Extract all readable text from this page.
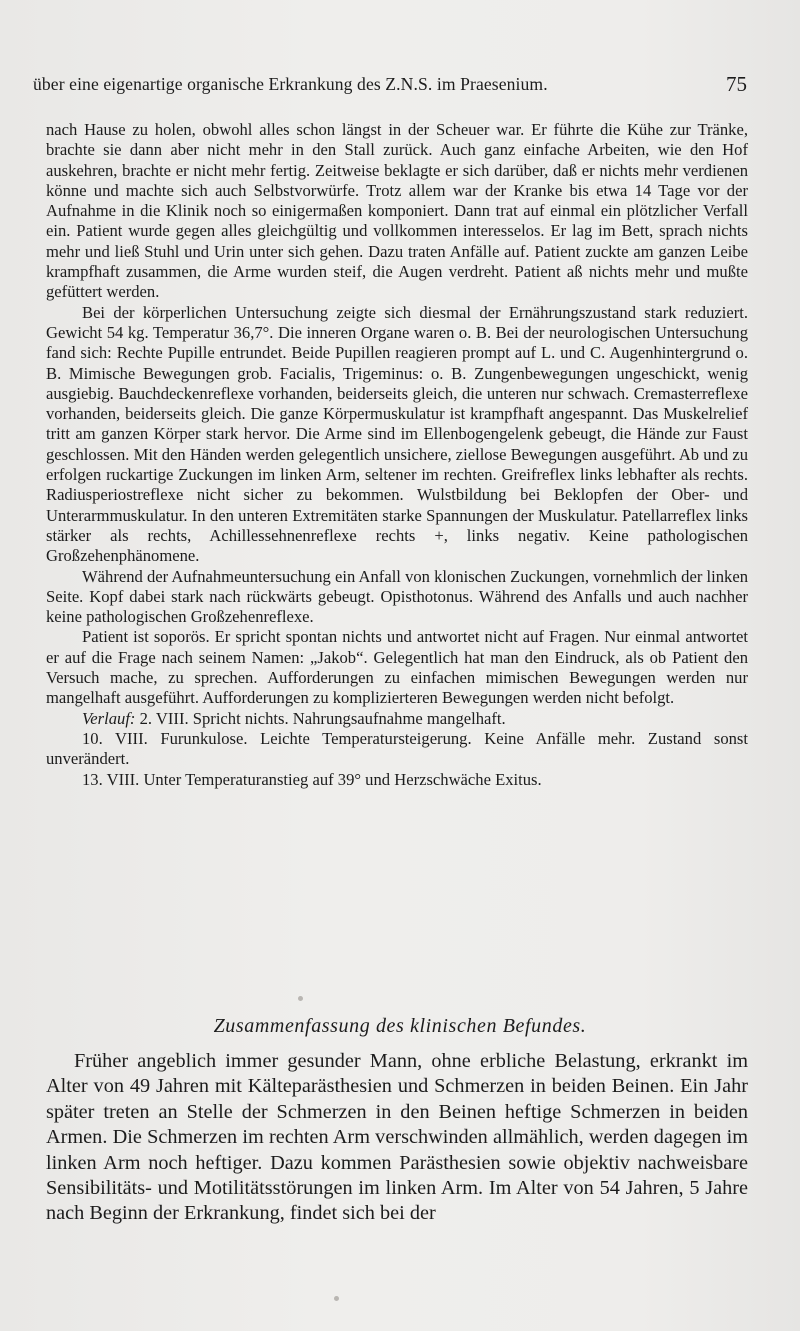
über eine eigenartige organische Erkrankung des Z.N.S. im Praesenium.	75

nach Hause zu holen, obwohl alles schon längst in der Scheuer war. Er führte die Kühe zur Tränke, brachte sie dann aber nicht mehr in den Stall zurück. Auch ganz einfache Arbeiten, wie den Hof auskehren, brachte er nicht mehr fertig. Zeitweise beklagte er sich darüber, daß er nichts mehr verdienen könne und machte sich auch Selbstvorwürfe. Trotz allem war der Kranke bis etwa 14 Tage vor der Aufnahme in die Klinik noch so einigermaßen komponiert. Dann trat auf einmal ein plötzlicher Verfall ein. Patient wurde gegen alles gleichgültig und vollkommen interesselos. Er lag im Bett, sprach nichts mehr und ließ Stuhl und Urin unter sich gehen. Dazu traten Anfälle auf. Patient zuckte am ganzen Leibe krampfhaft zusammen, die Arme wurden steif, die Augen verdreht. Patient aß nichts mehr und mußte gefüttert werden.

Bei der körperlichen Untersuchung zeigte sich diesmal der Ernährungszustand stark reduziert. Gewicht 54 kg. Temperatur 36,7°. Die inneren Organe waren o. B. Bei der neurologischen Untersuchung fand sich: Rechte Pupille entrundet. Beide Pupillen reagieren prompt auf L. und C. Augenhintergrund o. B. Mimische Bewegungen grob. Facialis, Trigeminus: o. B. Zungenbewegungen ungeschickt, wenig ausgiebig. Bauchdeckenreflexe vorhanden, beiderseits gleich, die unteren nur schwach. Cremasterreflexe vorhanden, beiderseits gleich. Die ganze Körpermuskulatur ist krampfhaft angespannt. Das Muskelrelief tritt am ganzen Körper stark hervor. Die Arme sind im Ellenbogengelenk gebeugt, die Hände zur Faust geschlossen. Mit den Händen werden gelegentlich unsichere, ziellose Bewegungen ausgeführt. Ab und zu erfolgen ruckartige Zuckungen im linken Arm, seltener im rechten. Greifreflex links lebhafter als rechts. Radiusperiostreflexe nicht sicher zu bekommen. Wulstbildung bei Beklopfen der Ober- und Unterarmmuskulatur. In den unteren Extremitäten starke Spannungen der Muskulatur. Patellarreflex links stärker als rechts, Achillessehnenreflexe rechts +, links negativ. Keine pathologischen Großzehenphänomene.

Während der Aufnahmeuntersuchung ein Anfall von klonischen Zuckungen, vornehmlich der linken Seite. Kopf dabei stark nach rückwärts gebeugt. Opisthotonus. Während des Anfalls und auch nachher keine pathologischen Großzehenreflexe.

Patient ist soporös. Er spricht spontan nichts und antwortet nicht auf Fragen. Nur einmal antwortet er auf die Frage nach seinem Namen: „Jakob“. Gelegentlich hat man den Eindruck, als ob Patient den Versuch mache, zu sprechen. Aufforderungen zu einfachen mimischen Bewegungen werden nur mangelhaft ausgeführt. Aufforderungen zu komplizierteren Bewegungen werden nicht befolgt.

Verlauf: 2. VIII. Spricht nichts. Nahrungsaufnahme mangelhaft.

10. VIII. Furunkulose. Leichte Temperatursteigerung. Keine Anfälle mehr. Zustand sonst unverändert.

13. VIII. Unter Temperaturanstieg auf 39° und Herzschwäche Exitus.

Zusammenfassung des klinischen Befundes.

Früher angeblich immer gesunder Mann, ohne erbliche Belastung, erkrankt im Alter von 49 Jahren mit Kälteparästhesien und Schmerzen in beiden Beinen. Ein Jahr später treten an Stelle der Schmerzen in den Beinen heftige Schmerzen in beiden Armen. Die Schmerzen im rechten Arm verschwinden allmählich, werden dagegen im linken Arm noch heftiger. Dazu kommen Parästhesien sowie objektiv nachweisbare Sensibilitäts- und Motilitätsstörungen im linken Arm. Im Alter von 54 Jahren, 5 Jahre nach Beginn der Erkrankung, findet sich bei der
